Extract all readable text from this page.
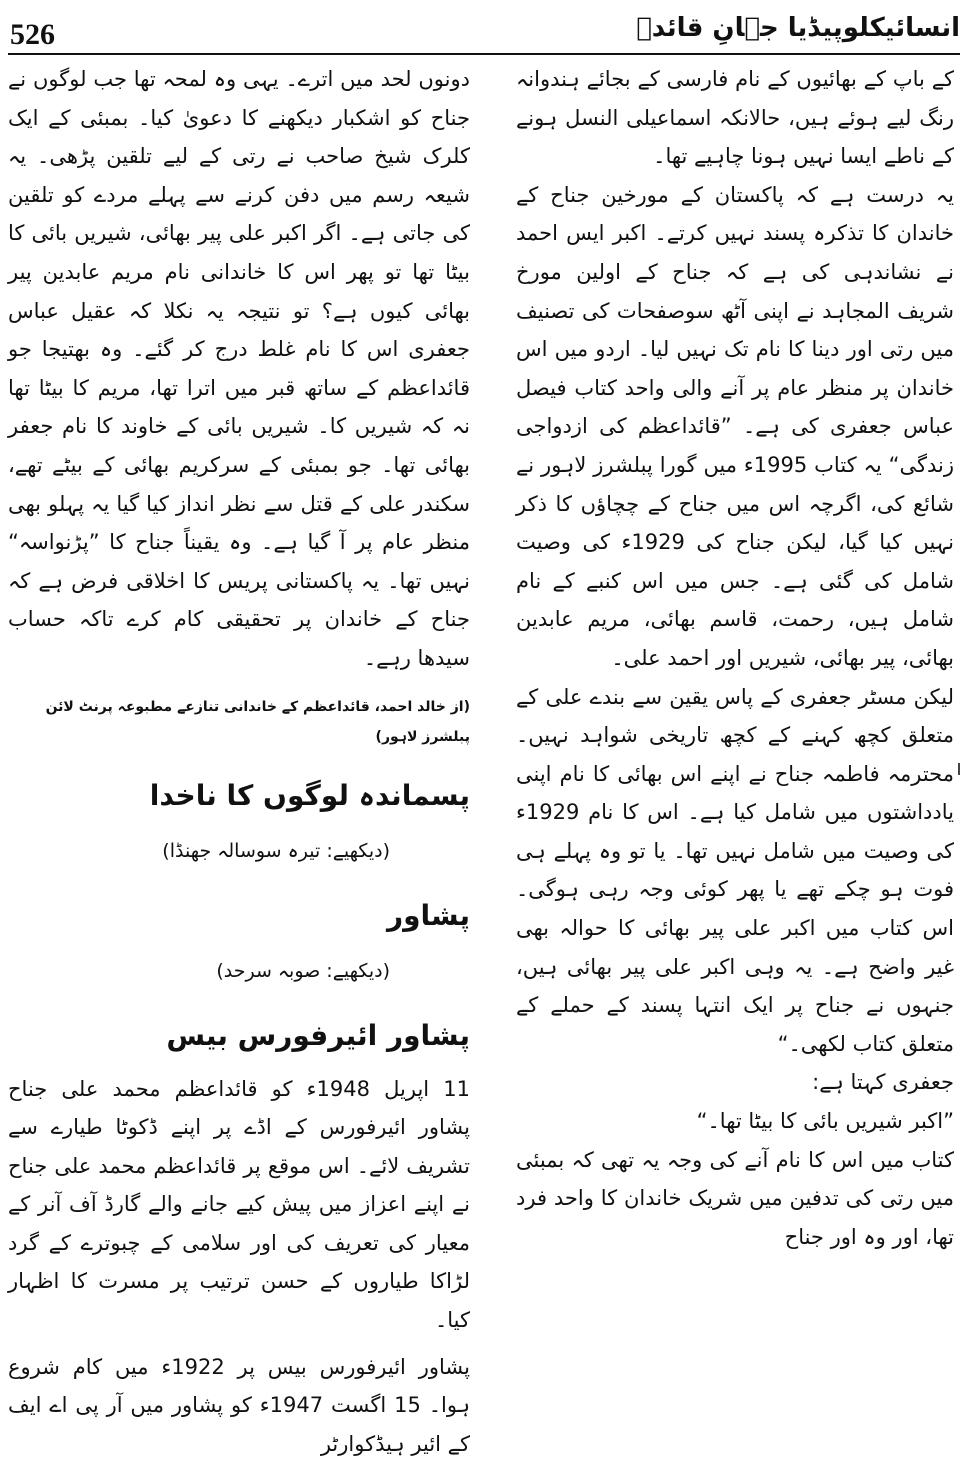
526	انسائیکلوپیڈیا جہانِ قائدؒ

کے باپ کے بھائیوں کے نام فارسی کے بجائے ہندوانہ رنگ لیے ہوئے ہیں، حالانکہ اسماعیلی النسل ہونے کے ناطے ایسا نہیں ہونا چاہیے تھا۔

یہ درست ہے کہ پاکستان کے مورخین جناح کے خاندان کا تذکرہ پسند نہیں کرتے۔ اکبر ایس احمد نے نشاندہی کی ہے کہ جناح کے اولین مورخ شریف المجاہد نے اپنی آٹھ سوصفحات کی تصنیف میں رتی اور دینا کا نام تک نہیں لیا۔ اردو میں اس خاندان پر منظر عام پر آنے والی واحد کتاب فیصل عباس جعفری کی ہے۔ ”قائداعظم کی ازدواجی زندگی“ یہ کتاب 1995ء میں گورا پبلشرز لاہور نے شائع کی، اگرچہ اس میں جناح کے چچاؤں کا ذکر نہیں کیا گیا، لیکن جناح کی 1929ء کی وصیت شامل کی گئی ہے۔ جس میں اس کنبے کے نام شامل ہیں، رحمت، قاسم بھائی، مریم عابدین بھائی، پیر بھائی، شیریں اور احمد علی۔

لیکن مسٹر جعفری کے پاس یقین سے بندے علی کے متعلق کچھ کہنے کے کچھ تاریخی شواہد نہیں۔ محترمہ فاطمہ جناح نے اپنے اس بھائی کا نام اپنی یادداشتوں میں شامل کیا ہے۔ اس کا نام 1929ء کی وصیت میں شامل نہیں تھا۔ یا تو وہ پہلے ہی فوت ہو چکے تھے یا پھر کوئی وجہ رہی ہوگی۔ اس کتاب میں اکبر علی پیر بھائی کا حوالہ بھی غیر واضح ہے۔ یہ وہی اکبر علی پیر بھائی ہیں، جنہوں نے جناح پر ایک انتہا پسند کے حملے کے متعلق کتاب لکھی۔“

جعفری کہتا ہے:

”اکبر شیریں بائی کا بیٹا تھا۔“

کتاب میں اس کا نام آنے کی وجہ یہ تھی کہ بمبئی میں رتی کی تدفین میں شریک خاندان کا واحد فرد تھا، اور وہ اور جناح

دونوں لحد میں اترے۔ یہی وہ لمحہ تھا جب لوگوں نے جناح کو اشکبار دیکھنے کا دعویٰ کیا۔ بمبئی کے ایک کلرک شیخ صاحب نے رتی کے لیے تلقین پڑھی۔ یہ شیعہ رسم میں دفن کرنے سے پہلے مردے کو تلقین کی جاتی ہے۔ اگر اکبر علی پیر بھائی، شیریں بائی کا بیٹا تھا تو پھر اس کا خاندانی نام مریم عابدین پیر بھائی کیوں ہے؟ تو نتیجہ یہ نکلا کہ عقیل عباس جعفری اس کا نام غلط درج کر گئے۔ وہ بھتیجا جو قائداعظم کے ساتھ قبر میں اترا تھا، مریم کا بیٹا تھا نہ کہ شیریں کا۔ شیریں بائی کے خاوند کا نام جعفر بھائی تھا۔ جو بمبئی کے سرکریم بھائی کے بیٹے تھے، سکندر علی کے قتل سے نظر انداز کیا گیا یہ پہلو بھی منظر عام پر آ گیا ہے۔ وہ یقیناً جناح کا ”پڑنواسہ“ نہیں تھا۔ یہ پاکستانی پریس کا اخلاقی فرض ہے کہ جناح کے خاندان پر تحقیقی کام کرے تاکہ حساب سیدھا رہے۔

(از خالد احمد، قائداعظم کے خاندانی تنازعے مطبوعہ پرنٹ لائن پبلشرز لاہور)

پسماندہ لوگوں کا ناخدا
(دیکھیے: تیرہ سوسالہ جھنڈا)
پشاور
(دیکھیے: صوبہ سرحد)
پشاور ائیرفورس بیس

11 اپریل 1948ء کو قائداعظم محمد علی جناح پشاور ائیرفورس کے اڈے پر اپنے ڈکوٹا طیارے سے تشریف لائے۔ اس موقع پر قائداعظم محمد علی جناح نے اپنے اعزاز میں پیش کیے جانے والے گارڈ آف آنر کے معیار کی تعریف کی اور سلامی کے چبوترے کے گرد لڑاکا طیاروں کے حسن ترتیب پر مسرت کا اظہار کیا۔

پشاور ائیرفورس بیس پر 1922ء میں کام شروع ہوا۔ 15 اگست 1947ء کو پشاور میں آر پی اے ایف کے ائیر ہیڈکوارٹر
